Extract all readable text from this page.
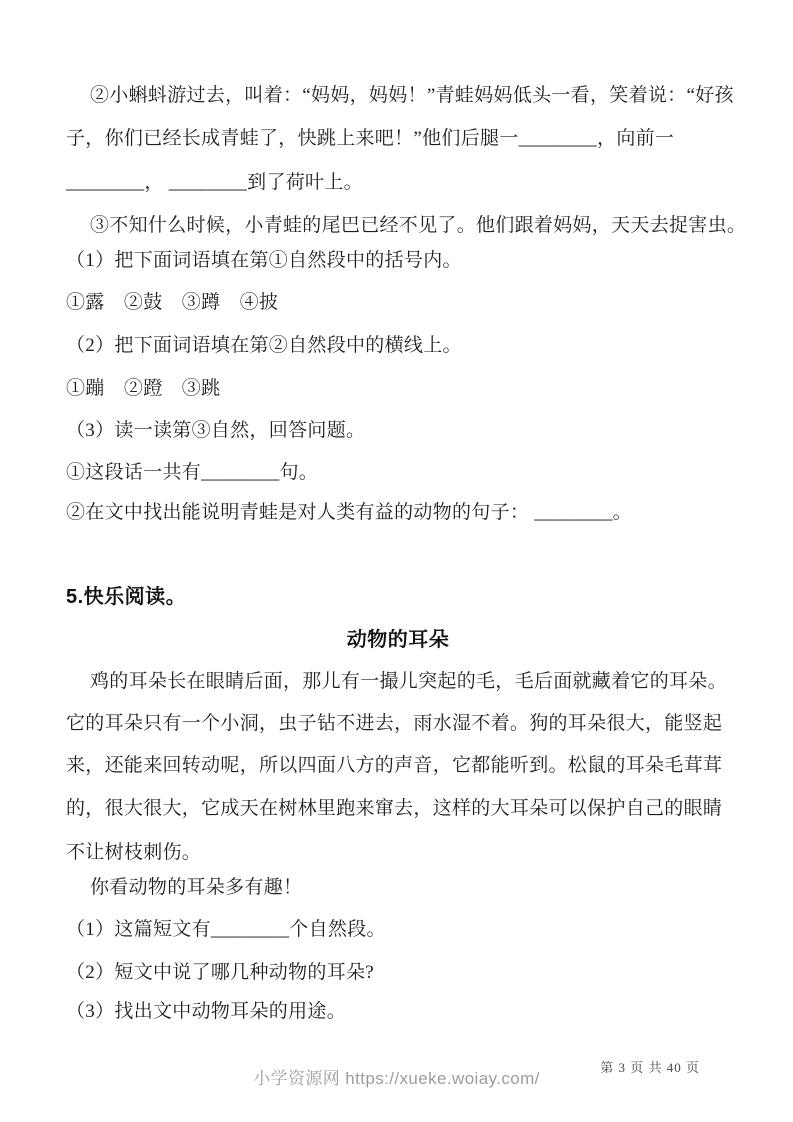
②小蝌蚪游过去，叫着：“妈妈，妈妈！”青蛙妈妈低头一看，笑着说：“好孩
子，你们已经长成青蛙了，快跳上来吧！”他们后腿一________，向前一
________， ________到了荷叶上。
③不知什么时候，小青蛙的尾巴已经不见了。他们跟着妈妈，天天去捉害虫。
（1）把下面词语填在第①自然段中的括号内。
①露　②鼓　③蹲　④披
（2）把下面词语填在第②自然段中的横线上。
①蹦　②蹬　③跳
（3）读一读第③自然，回答问题。
①这段话一共有________句。
②在文中找出能说明青蛙是对人类有益的动物的句子： ________。
5.快乐阅读。
动物的耳朵
鸡的耳朵长在眼睛后面，那儿有一撮儿突起的毛，毛后面就藏着它的耳朵。
它的耳朵只有一个小洞，虫子钻不进去，雨水湿不着。狗的耳朵很大，能竖起
来，还能来回转动呢，所以四面八方的声音，它都能听到。松鼠的耳朵毛茸茸
的，很大很大，它成天在树林里跑来窜去，这样的大耳朵可以保护自己的眼睛
不让树枝刺伤。
你看动物的耳朵多有趣！
（1）这篇短文有________个自然段。
（2）短文中说了哪几种动物的耳朵?
（3）找出文中动物耳朵的用途。
小学资源网 https://xueke.woiay.com/
第 3 页 共 40 页
